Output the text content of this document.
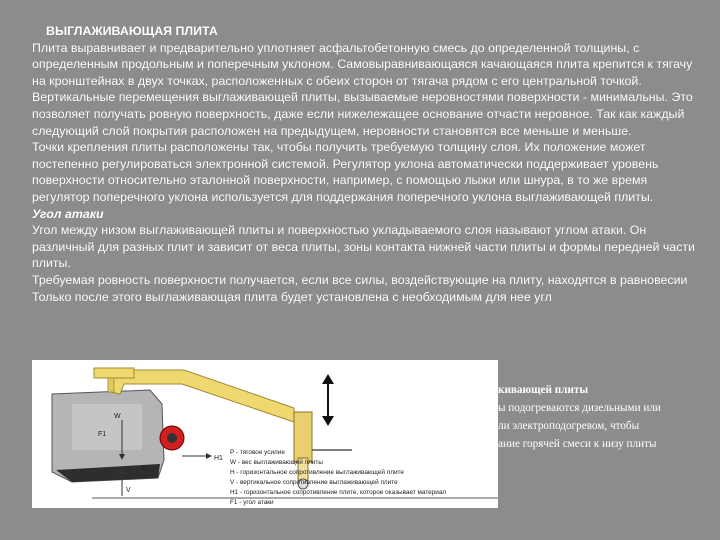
ВЫГЛАЖИВАЮЩАЯ ПЛИТА

Плита выравнивает и предварительно уплотняет асфальтобетонную смесь до определенной толщины, с определенным продольным и поперечным уклоном. Самовыравнивающаяся качающаяся плита крепится к тягачу на кронштейнах в двух точках, расположенных с обеих сторон от тягача рядом с его центральной точкой.

Вертикальные перемещения выглаживающей плиты, вызываемые неровностями поверхности - минимальны. Это позволяет получать ровную поверхность, даже если нижележащее основание отчасти неровное. Так как каждый следующий слой покрытия расположен на предыдущем, неровности становятся все меньше и меньше.

Точки крепления плиты расположены так, чтобы получить требуемую толщину слоя. Их положение может постепенно регулироваться электронной системой. Регулятор уклона автоматически поддерживает уровень поверхности относительно эталонной поверхности, например, с помощью лыжи или шнура, в то же время регулятор поперечного уклона используется для поддержания поперечного уклона выглаживающей плиты.

Угол атаки

Угол между низом выглаживающей плиты и поверхностью укладываемого слоя называют углом атаки. Он различный для разных плит и зависит от веса плиты, зоны контакта нижней части плиты и формы передней части плиты.

Требуемая ровность поверхности получается, если все силы, воздействующие на плиту, находятся в равновесии Только после этого выглаживающая плита будет установлена с необходимым для нее угл

W
F1
V
H
H1
P - тяговое усилие
W - вес выглаживающей плиты
H - горизонтальное сопротивление выглаживающей плите
V - вертикальное сопротивление выглаживающей плите
H1 - горизонтальное сопротивление плите, которое оказывает материал
F1 - угол атаки
кивающей плиты
ы подогреваются дизельными или
ли электроподогревом, чтобы
ание горячей смеси к низу плиты
